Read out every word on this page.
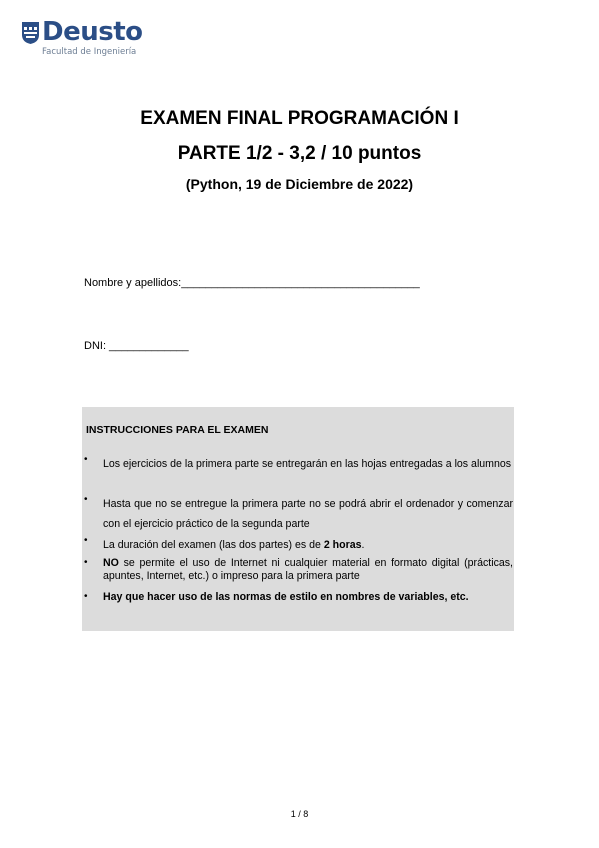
Deusto
Facultad de Ingeniería
EXAMEN FINAL PROGRAMACIÓN I
PARTE 1/2 - 3,2 / 10 puntos
(Python, 19 de Diciembre de 2022)
Nombre y apellidos:_______________________________________
DNI: _____________
INSTRUCCIONES PARA EL EXAMEN
• Los ejercicios de la primera parte se entregarán en las hojas entregadas a los alumnos
• Hasta que no se entregue la primera parte no se podrá abrir el ordenador y comenzar con el ejercicio práctico de la segunda parte
• La duración del examen (las dos partes) es de 2 horas.
• NO se permite el uso de Internet ni cualquier material en formato digital (prácticas, apuntes, Internet, etc.) o impreso para la primera parte
• Hay que hacer uso de las normas de estilo en nombres de variables, etc.
1 / 8
